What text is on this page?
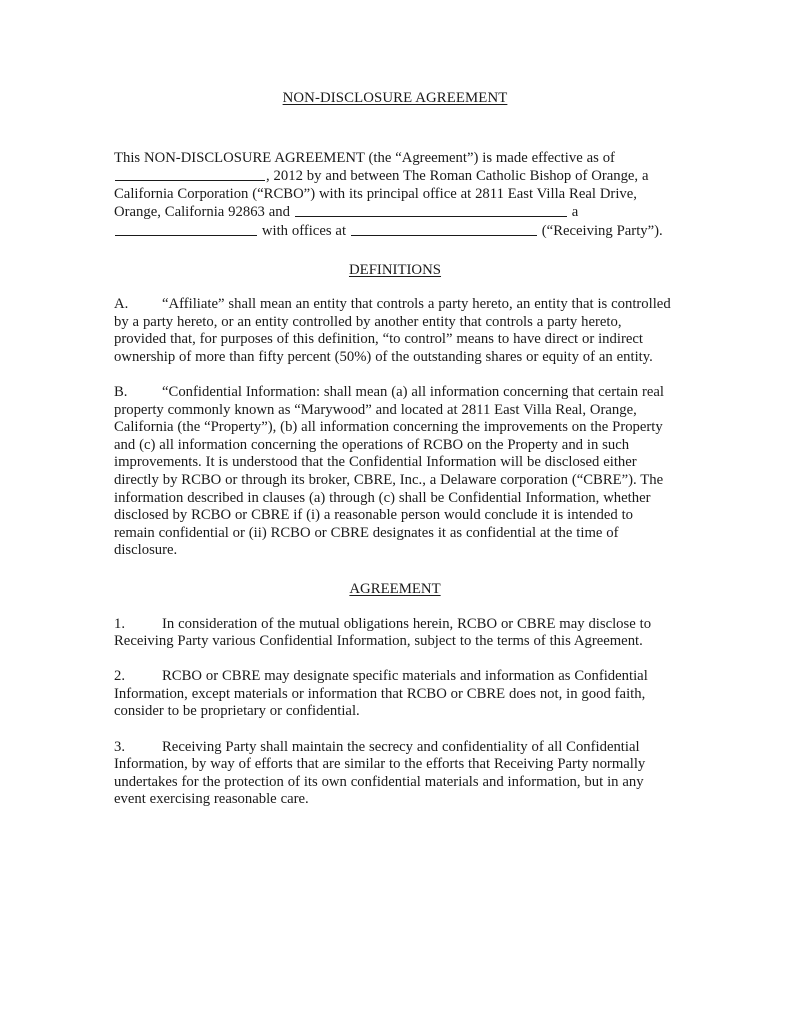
NON-DISCLOSURE AGREEMENT

This NON-DISCLOSURE AGREEMENT (the “Agreement”) is made effective as of , 2012 by and between The Roman Catholic Bishop of Orange, a California Corporation (“RCBO”) with its principal office at 2811 East Villa Real Drive, Orange, California 92863 and	a  with offices at	(“Receiving Party”).

DEFINITIONS

A. “Affiliate” shall mean an entity that controls a party hereto, an entity that is controlled by a party hereto, or an entity controlled by another entity that controls a party hereto, provided that, for purposes of this definition, “to control” means to have direct or indirect ownership of more than fifty percent (50%) of the outstanding shares or equity of an entity.

B. “Confidential Information: shall mean (a) all information concerning that certain real property commonly known as “Marywood” and located at 2811 East Villa Real, Orange, California (the “Property”), (b) all information concerning the improvements on the Property and (c) all information concerning the operations of RCBO on the Property and in such improvements. It is understood that the Confidential Information will be disclosed either directly by RCBO or through its broker, CBRE, Inc., a Delaware corporation (“CBRE”). The information described in clauses (a) through (c) shall be Confidential Information, whether disclosed by RCBO or CBRE if (i) a reasonable person would conclude it is intended to remain confidential or (ii) RCBO or CBRE designates it as confidential at the time of disclosure.

AGREEMENT

1.	In consideration of the mutual obligations herein, RCBO or CBRE may disclose to Receiving Party various Confidential Information, subject to the terms of this Agreement.

2.	RCBO or CBRE may designate specific materials and information as Confidential Information, except materials or information that RCBO or CBRE does not, in good faith, consider to be proprietary or confidential.

3.	Receiving Party shall maintain the secrecy and confidentiality of all Confidential Information, by way of efforts that are similar to the efforts that Receiving Party normally undertakes for the protection of its own confidential materials and information, but in any event exercising reasonable care.
